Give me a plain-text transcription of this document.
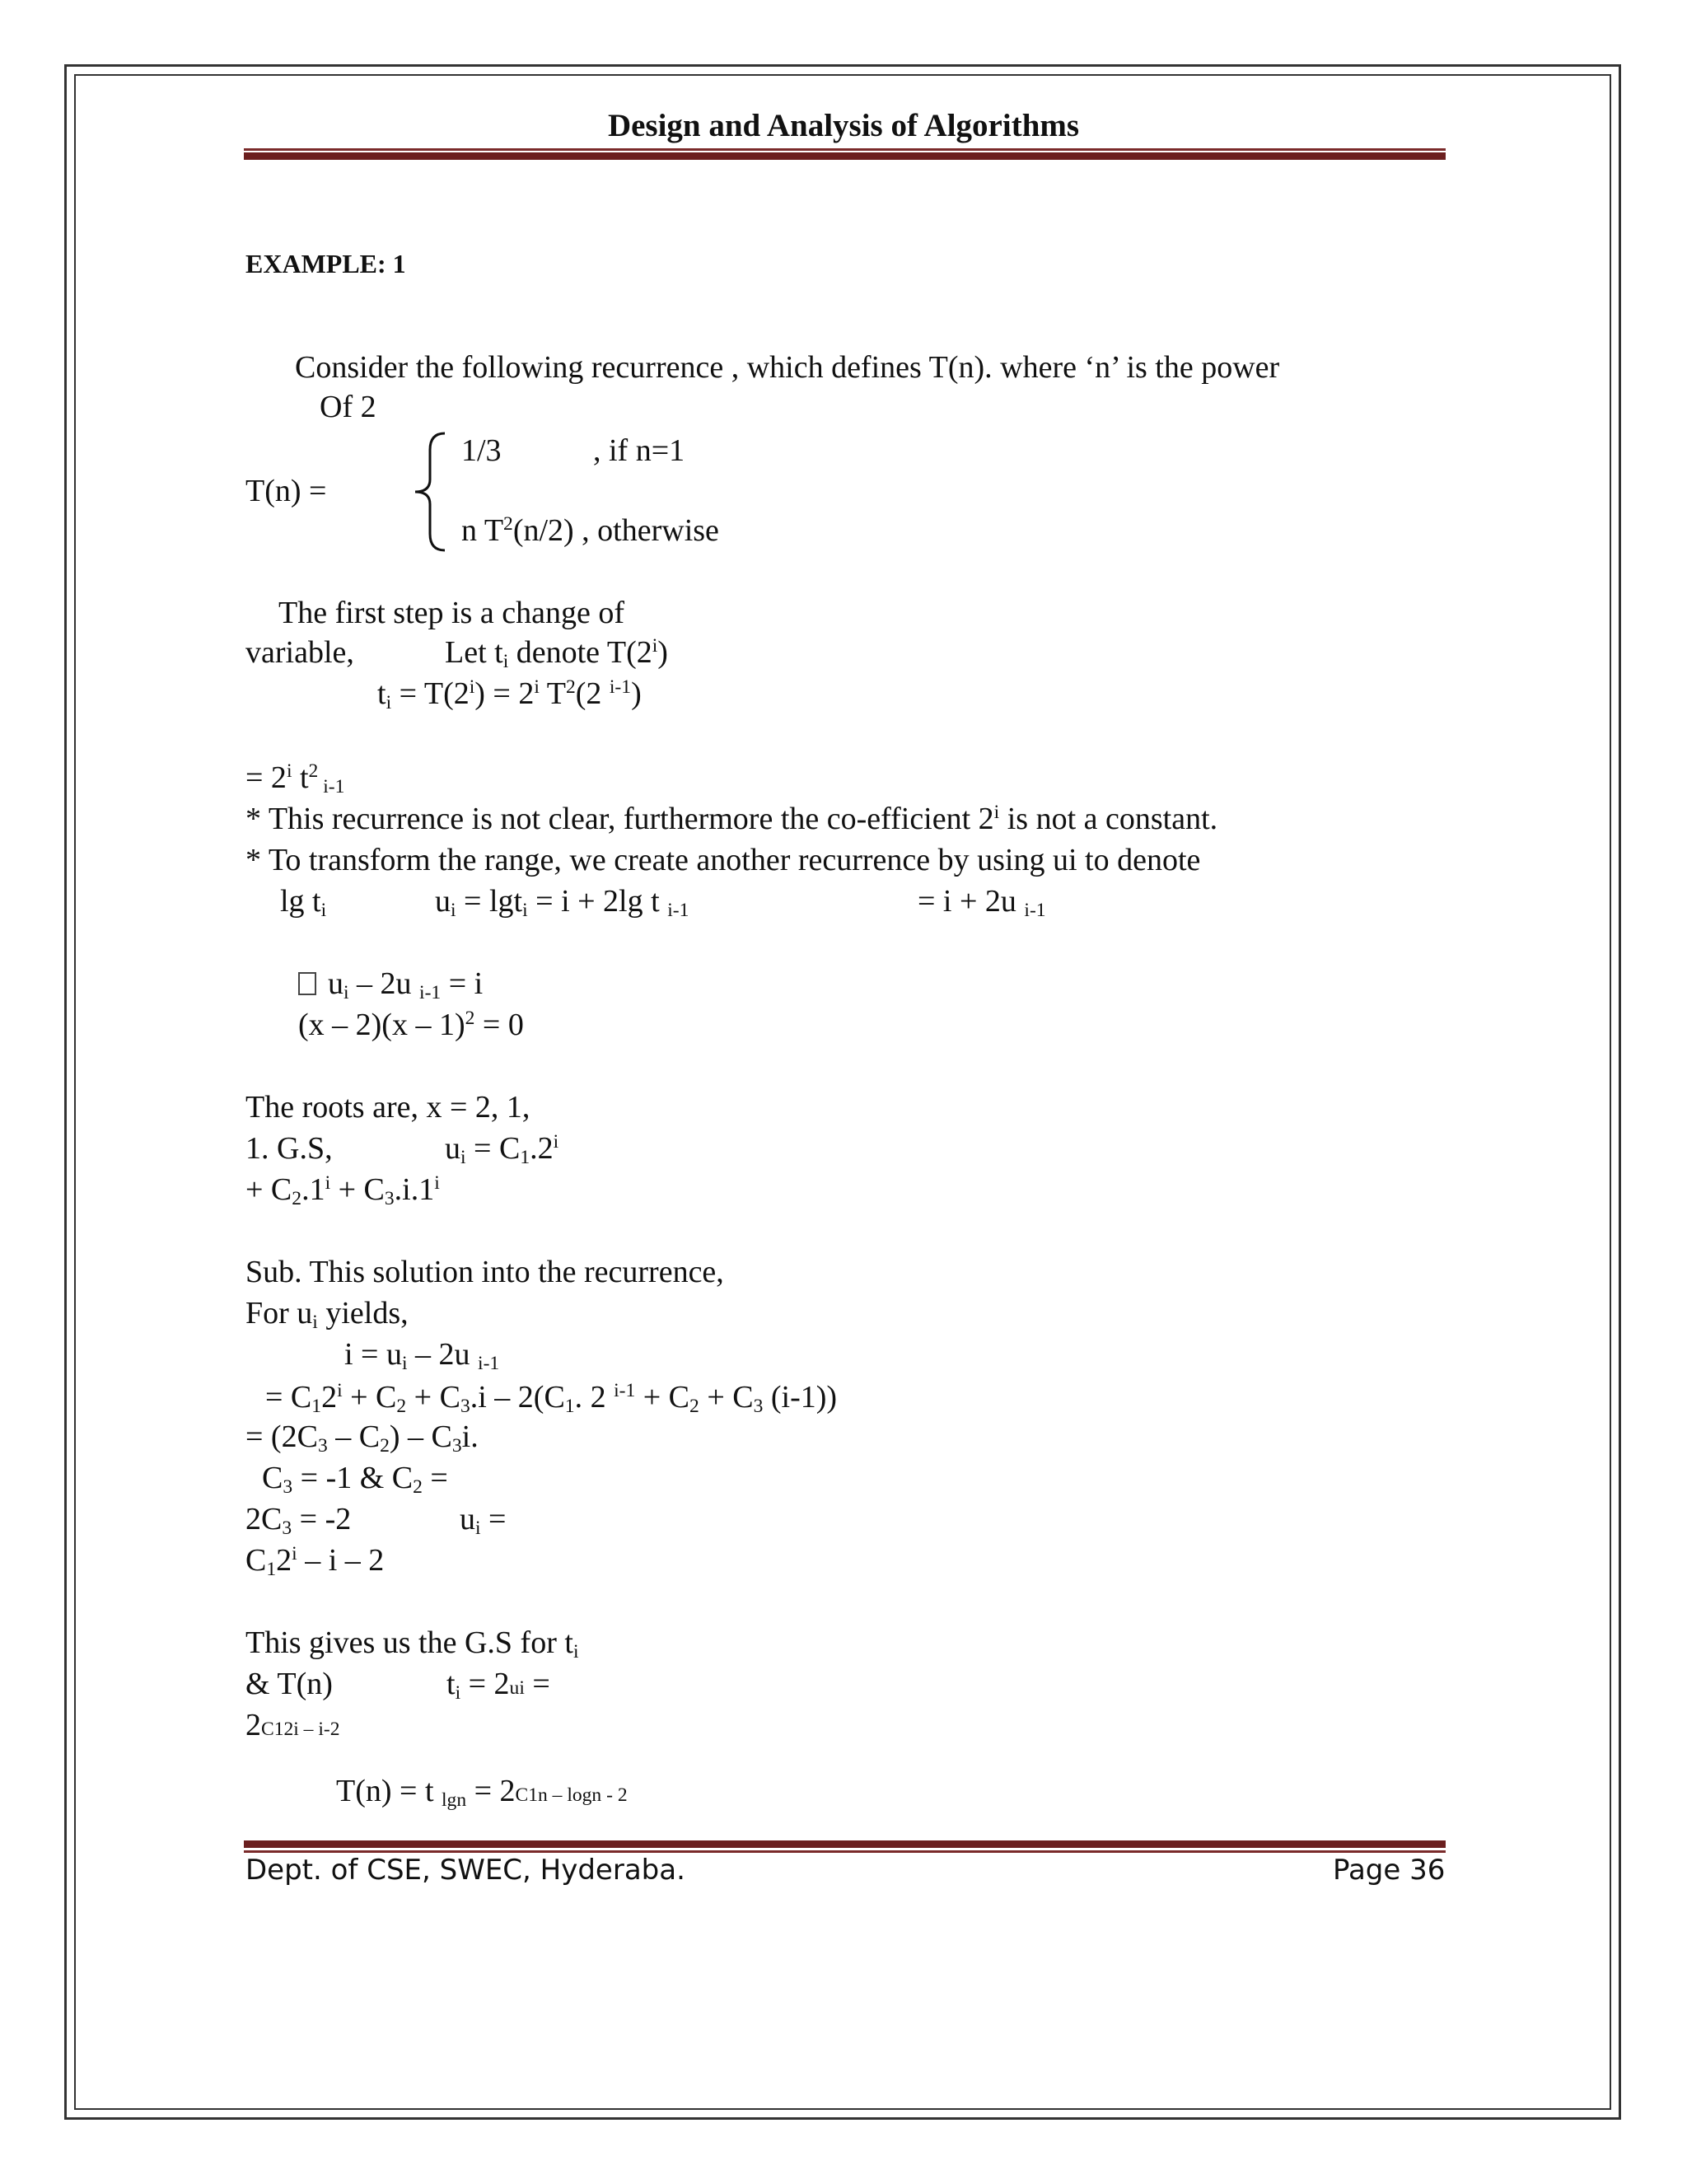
Design and Analysis of Algorithms
EXAMPLE: 1
Consider the following recurrence , which defines T(n). where ‘n’ is the power
Of 2
T(n) =
1/3	, if n=1
n $T^2(n/2)$ , otherwise
The first step is a change of
variable,	Let $t_i$ denote T(2$^i$)
$t_i = T(2^i) = 2^i$ $T^2(2$ $^{i-1}$)
= $2^i$ $t^2$ $_{i-1}$
* This recurrence is not clear, furthermore the co-efficient 2$^i$ is not a constant.
* To transform the range, we create another recurrence by using ui to denote
$\lg t_i$	$u_i = \lg t_i = i + 2\lg$ t $_{i-1}$	= i + 2u $_{i-1}$
$u_i - 2u$ $_{i-1}$ = i
(x – 2)(x – 1)$^2$ = 0
The roots are, x = 2, 1,
1. G.S,	$u_i = C_1.2^i$
+ $C_2.1^i + C_3.i.1^i$
Sub. This solution into the recurrence,
For $u_i$ yields,
$i = u_i - 2u$ $_{i-1}$
= $C_12^i + C_2 + C_3.i - 2(C_1$. 2 $^{i-1} + C_2 + C_3$ (i-1))
= $(2C_3 - C_2) - C_3i$.
$C_3 = -1$ & $C_2$ =
$2C_3 = -2$	$u_i$ =
$C_12^i$ – i – 2
This gives us the G.S for $t_i$
& T(n)	$t_i = 2ui$ =
2C12i – i-2
T(n) = t $_{lgn}$ = 2C1n – logn - 2
Dept. of CSE, SWEC, Hyderaba.	Page 36
